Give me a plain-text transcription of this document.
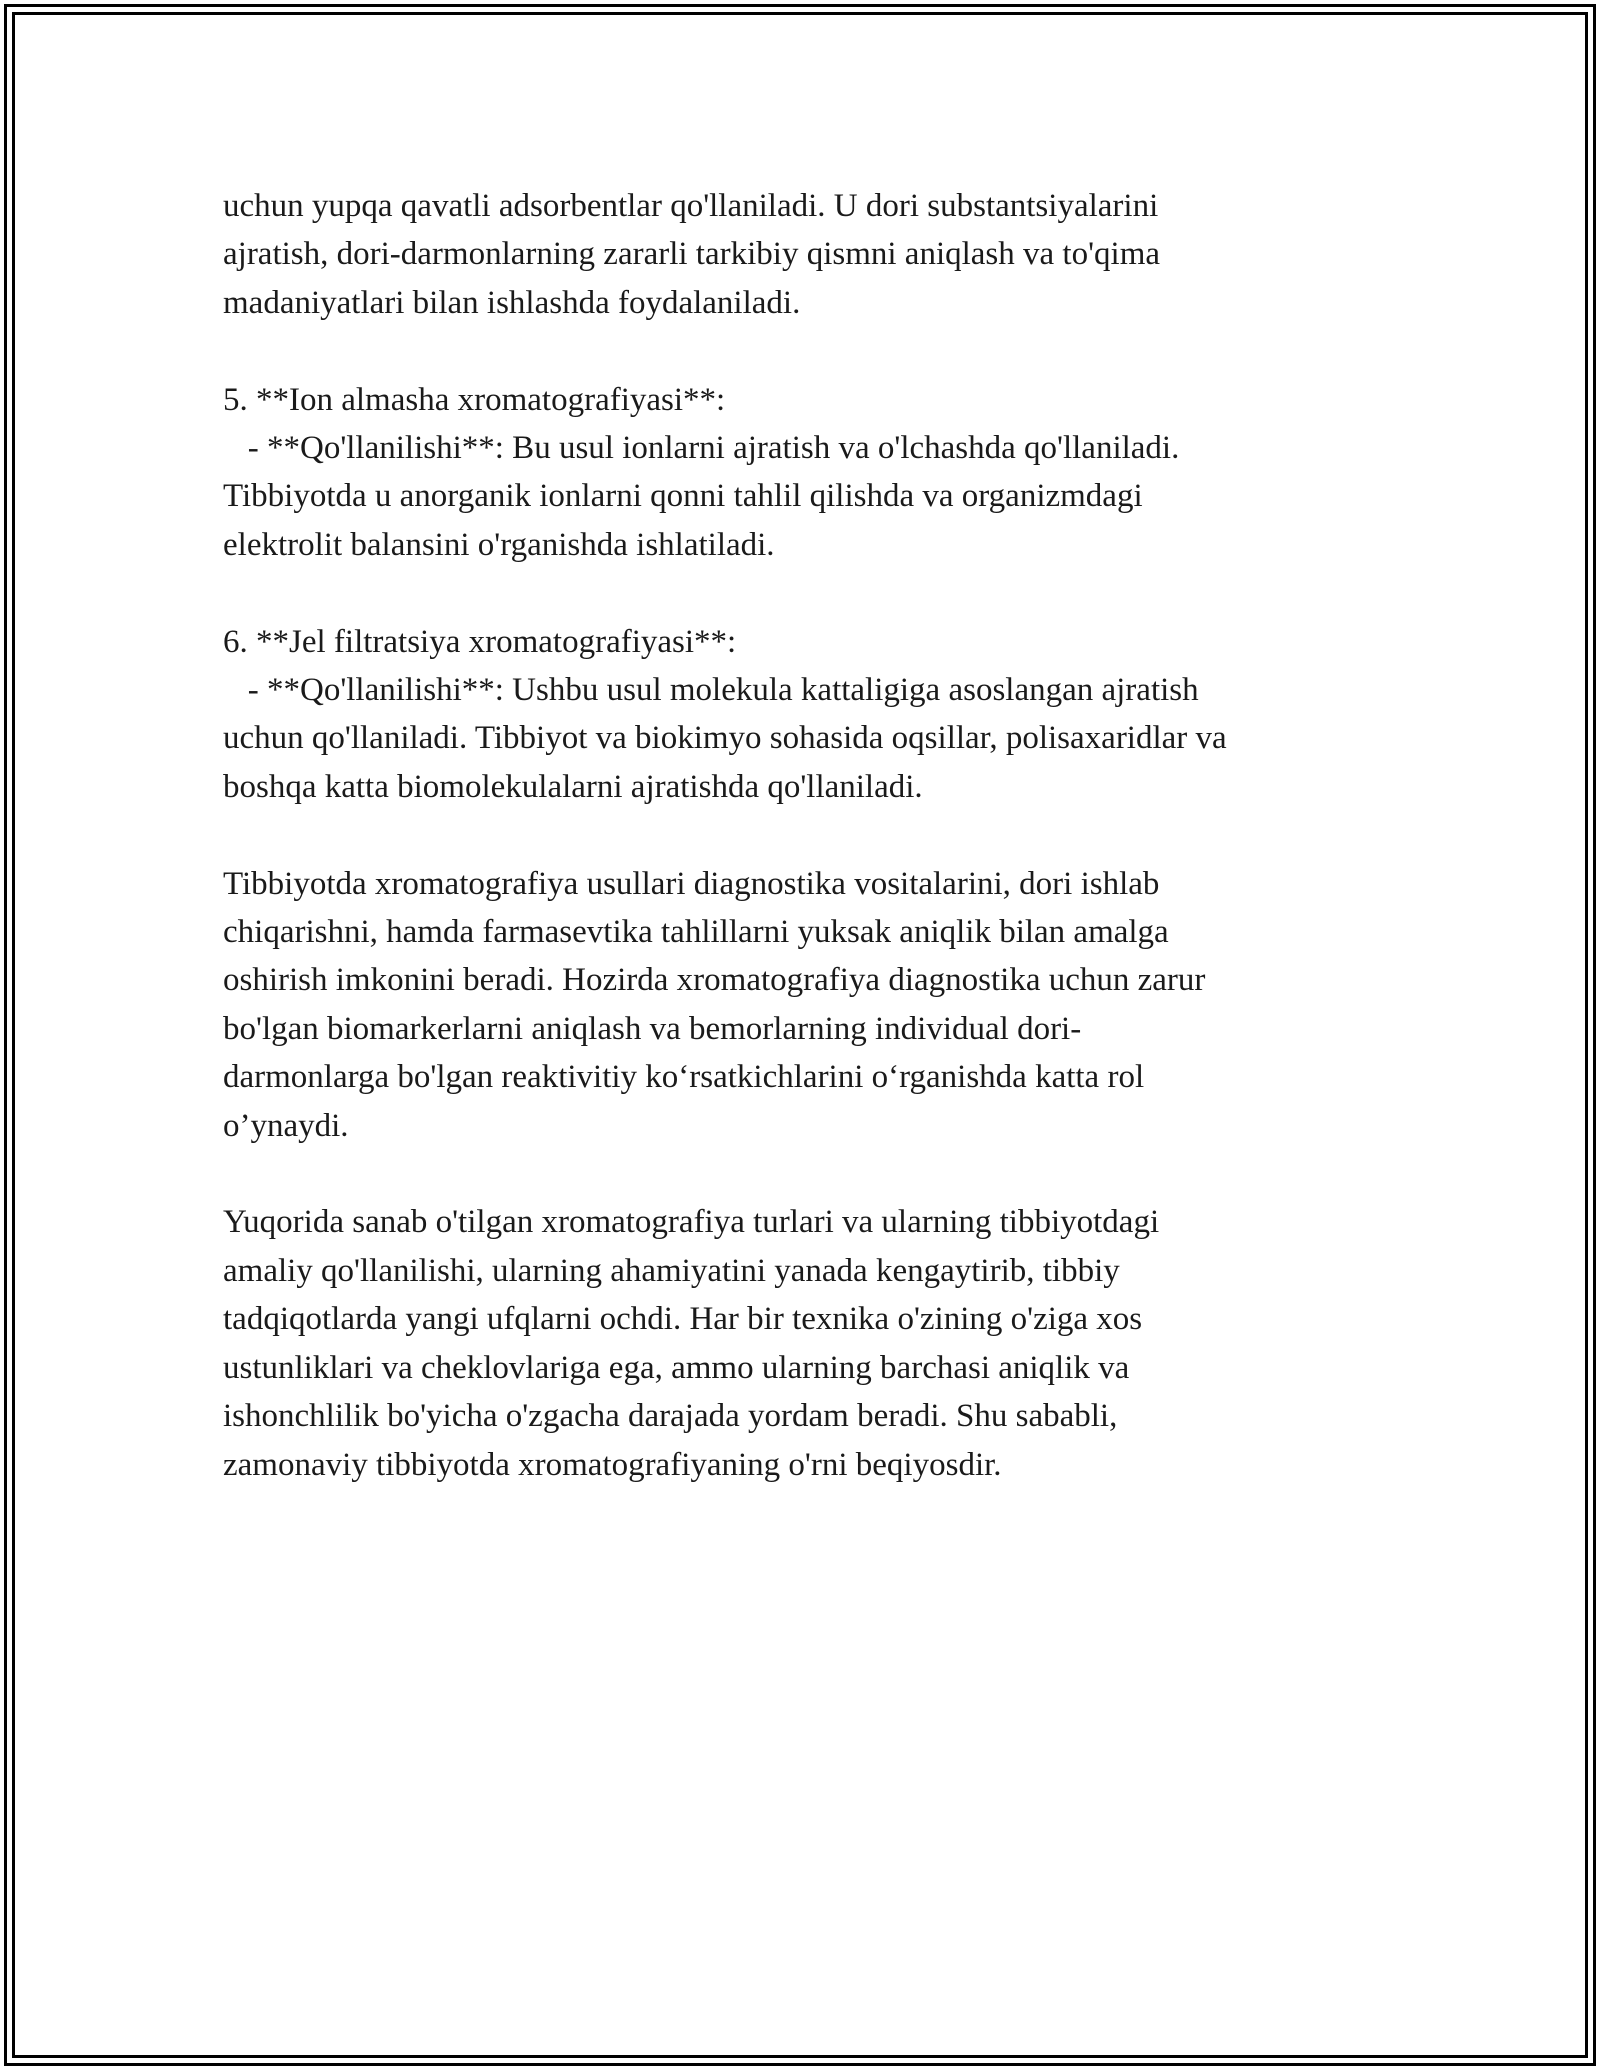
uchun yupqa qavatli adsorbentlar qo'llaniladi. U dori substantsiyalarini

ajratish, dori-darmonlarning zararli tarkibiy qismni aniqlash va to'qima

madaniyatlari bilan ishlashda foydalaniladi.

5. **Ion almasha xromatografiyasi**:

- **Qo'llanilishi**: Bu usul ionlarni ajratish va o'lchashda qo'llaniladi.

Tibbiyotda u anorganik ionlarni qonni tahlil qilishda va organizmdagi

elektrolit balansini o'rganishda ishlatiladi.

6. **Jel filtratsiya xromatografiyasi**:

- **Qo'llanilishi**: Ushbu usul molekula kattaligiga asoslangan ajratish

uchun qo'llaniladi. Tibbiyot va biokimyo sohasida oqsillar, polisaxaridlar va

boshqa katta biomolekulalarni ajratishda qo'llaniladi.

Tibbiyotda xromatografiya usullari diagnostika vositalarini, dori ishlab

chiqarishni, hamda farmasevtika tahlillarni yuksak aniqlik bilan amalga

oshirish imkonini beradi. Hozirda xromatografiya diagnostika uchun zarur

bo'lgan biomarkerlarni aniqlash va bemorlarning individual dori-

darmonlarga bo'lgan reaktivitiy ko‘rsatkichlarini o‘rganishda katta rol

o’ynaydi.

Yuqorida sanab o'tilgan xromatografiya turlari va ularning tibbiyotdagi

amaliy qo'llanilishi, ularning ahamiyatini yanada kengaytirib, tibbiy

tadqiqotlarda yangi ufqlarni ochdi. Har bir texnika o'zining o'ziga xos

ustunliklari va cheklovlariga ega, ammo ularning barchasi aniqlik va

ishonchlilik bo'yicha o'zgacha darajada yordam beradi. Shu sababli,

zamonaviy tibbiyotda xromatografiyaning o'rni beqiyosdir.
